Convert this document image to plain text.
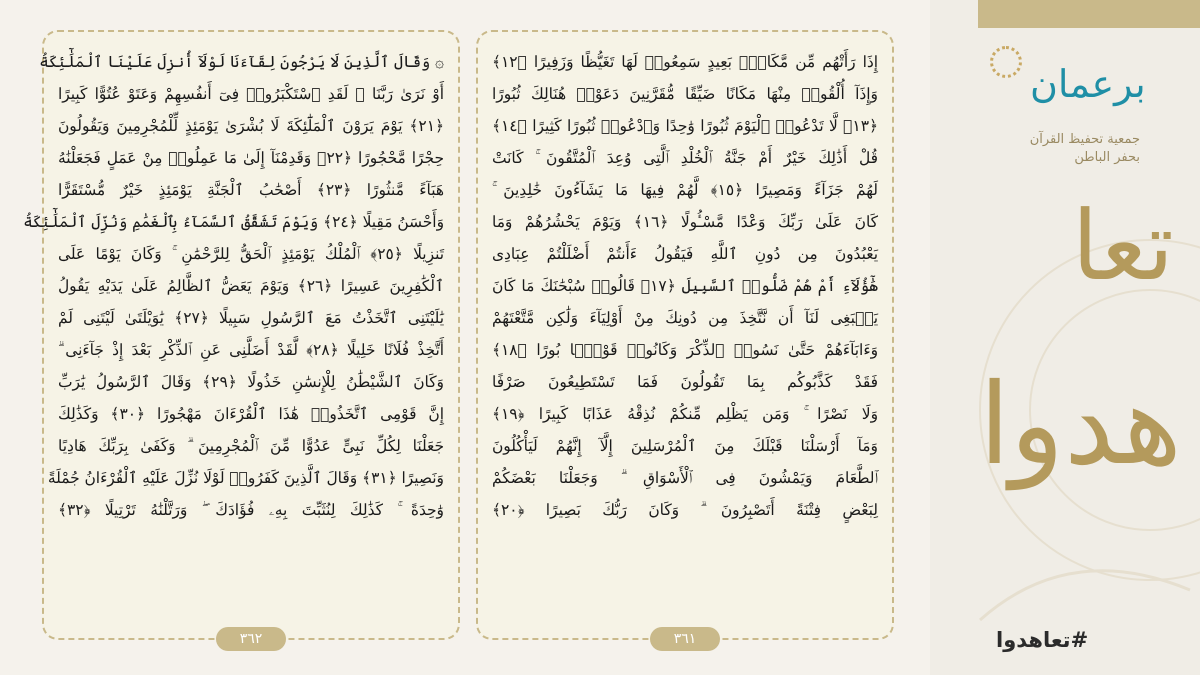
برعمان
جمعية تحفيظ القرآن
بحفر الباطن
تعا
هدوا
#تعاهدوا
إِذَا رَأَتْهُم مِّن مَّكَانٍۭ بَعِيدٍ سَمِعُوا۟ لَهَا تَغَيُّظًا وَزَفِيرًا ﴿١٢﴾
وَإِذَآ أُلْقُوا۟ مِنْهَا مَكَانًا ضَيِّقًا مُّقَرَّنِينَ دَعَوْا۟ هُنَالِكَ ثُبُورًا
﴿١٣﴾ لَّا تَدْعُوا۟ ٱلْيَوْمَ ثُبُورًا وَٰحِدًا وَٱدْعُوا۟ ثُبُورًا كَثِيرًا ﴿١٤﴾
قُلْ أَذَٰلِكَ خَيْرٌ أَمْ جَنَّةُ ٱلْخُلْدِ ٱلَّتِى وُعِدَ ٱلْمُتَّقُونَ ۚ كَانَتْ
لَهُمْ جَزَآءً وَمَصِيرًا ﴿١٥﴾ لَّهُمْ فِيهَا مَا يَشَآءُونَ خَٰلِدِينَ ۚ
كَانَ عَلَىٰ رَبِّكَ وَعْدًا مَّسْـُٔولًا ﴿١٦﴾ وَيَوْمَ يَحْشُرُهُمْ وَمَا
يَعْبُدُونَ مِن دُونِ ٱللَّهِ فَيَقُولُ ءَأَنتُمْ أَضْلَلْتُمْ عِبَادِى
هَٰٓؤُلَآءِ أَمْ هُمْ ضَلُّوا۟ ٱلسَّبِيلَ ﴿١٧﴾ قَالُوا۟ سُبْحَٰنَكَ مَا كَانَ
يَنۢبَغِى لَنَآ أَن نَّتَّخِذَ مِن دُونِكَ مِنْ أَوْلِيَآءَ وَلَٰكِن مَّتَّعْتَهُمْ
وَءَابَآءَهُمْ حَتَّىٰ نَسُوا۟ ٱلذِّكْرَ وَكَانُوا۟ قَوْمًۢا بُورًا ﴿١٨﴾
فَقَدْ كَذَّبُوكُم بِمَا تَقُولُونَ فَمَا تَسْتَطِيعُونَ صَرْفًا
وَلَا نَصْرًا ۚ وَمَن يَظْلِم مِّنكُمْ نُذِقْهُ عَذَابًا كَبِيرًا ﴿١٩﴾
وَمَآ أَرْسَلْنَا قَبْلَكَ مِنَ ٱلْمُرْسَلِينَ إِلَّآ إِنَّهُمْ لَيَأْكُلُونَ
ٱلطَّعَامَ وَيَمْشُونَ فِى ٱلْأَسْوَاقِ ۗ وَجَعَلْنَا بَعْضَكُمْ
لِبَعْضٍ فِتْنَةً أَتَصْبِرُونَ ۗ وَكَانَ رَبُّكَ بَصِيرًا ﴿٢٠﴾
٣٦١
۞ وَقَالَ ٱلَّذِينَ لَا يَرْجُونَ لِقَآءَنَا لَوْلَآ أُنزِلَ عَلَيْنَا ٱلْمَلَٰٓئِكَةُ
أَوْ نَرَىٰ رَبَّنَا ۗ لَقَدِ ٱسْتَكْبَرُوا۟ فِىٓ أَنفُسِهِمْ وَعَتَوْ عُتُوًّا كَبِيرًا
﴿٢١﴾ يَوْمَ يَرَوْنَ ٱلْمَلَٰٓئِكَةَ لَا بُشْرَىٰ يَوْمَئِذٍ لِّلْمُجْرِمِينَ وَيَقُولُونَ
حِجْرًا مَّحْجُورًا ﴿٢٢﴾ وَقَدِمْنَآ إِلَىٰ مَا عَمِلُوا۟ مِنْ عَمَلٍ فَجَعَلْنَٰهُ
هَبَآءً مَّنثُورًا ﴿٢٣﴾ أَصْحَٰبُ ٱلْجَنَّةِ يَوْمَئِذٍ خَيْرٌ مُّسْتَقَرًّا
وَأَحْسَنُ مَقِيلًا ﴿٢٤﴾ وَيَوْمَ تَشَقَّقُ ٱلسَّمَآءُ بِٱلْغَمَٰمِ وَنُزِّلَ ٱلْمَلَٰٓئِكَةُ
تَنزِيلًا ﴿٢٥﴾ ٱلْمُلْكُ يَوْمَئِذٍ ٱلْحَقُّ لِلرَّحْمَٰنِ ۚ وَكَانَ يَوْمًا عَلَى
ٱلْكَٰفِرِينَ عَسِيرًا ﴿٢٦﴾ وَيَوْمَ يَعَضُّ ٱلظَّالِمُ عَلَىٰ يَدَيْهِ يَقُولُ
يَٰلَيْتَنِى ٱتَّخَذْتُ مَعَ ٱلرَّسُولِ سَبِيلًا ﴿٢٧﴾ يَٰوَيْلَتَىٰ لَيْتَنِى لَمْ
أَتَّخِذْ فُلَانًا خَلِيلًا ﴿٢٨﴾ لَّقَدْ أَضَلَّنِى عَنِ ٱلذِّكْرِ بَعْدَ إِذْ جَآءَنِى ۗ
وَكَانَ ٱلشَّيْطَٰنُ لِلْإِنسَٰنِ خَذُولًا ﴿٢٩﴾ وَقَالَ ٱلرَّسُولُ يَٰرَبِّ
إِنَّ قَوْمِى ٱتَّخَذُوا۟ هَٰذَا ٱلْقُرْءَانَ مَهْجُورًا ﴿٣٠﴾ وَكَذَٰلِكَ
جَعَلْنَا لِكُلِّ نَبِىٍّ عَدُوًّا مِّنَ ٱلْمُجْرِمِينَ ۗ وَكَفَىٰ بِرَبِّكَ هَادِيًا
وَنَصِيرًا ﴿٣١﴾ وَقَالَ ٱلَّذِينَ كَفَرُوا۟ لَوْلَا نُزِّلَ عَلَيْهِ ٱلْقُرْءَانُ جُمْلَةً
وَٰحِدَةً ۚ كَذَٰلِكَ لِنُثَبِّتَ بِهِۦ فُؤَادَكَ ۖ وَرَتَّلْنَٰهُ تَرْتِيلًا ﴿٣٢﴾
٣٦٢
